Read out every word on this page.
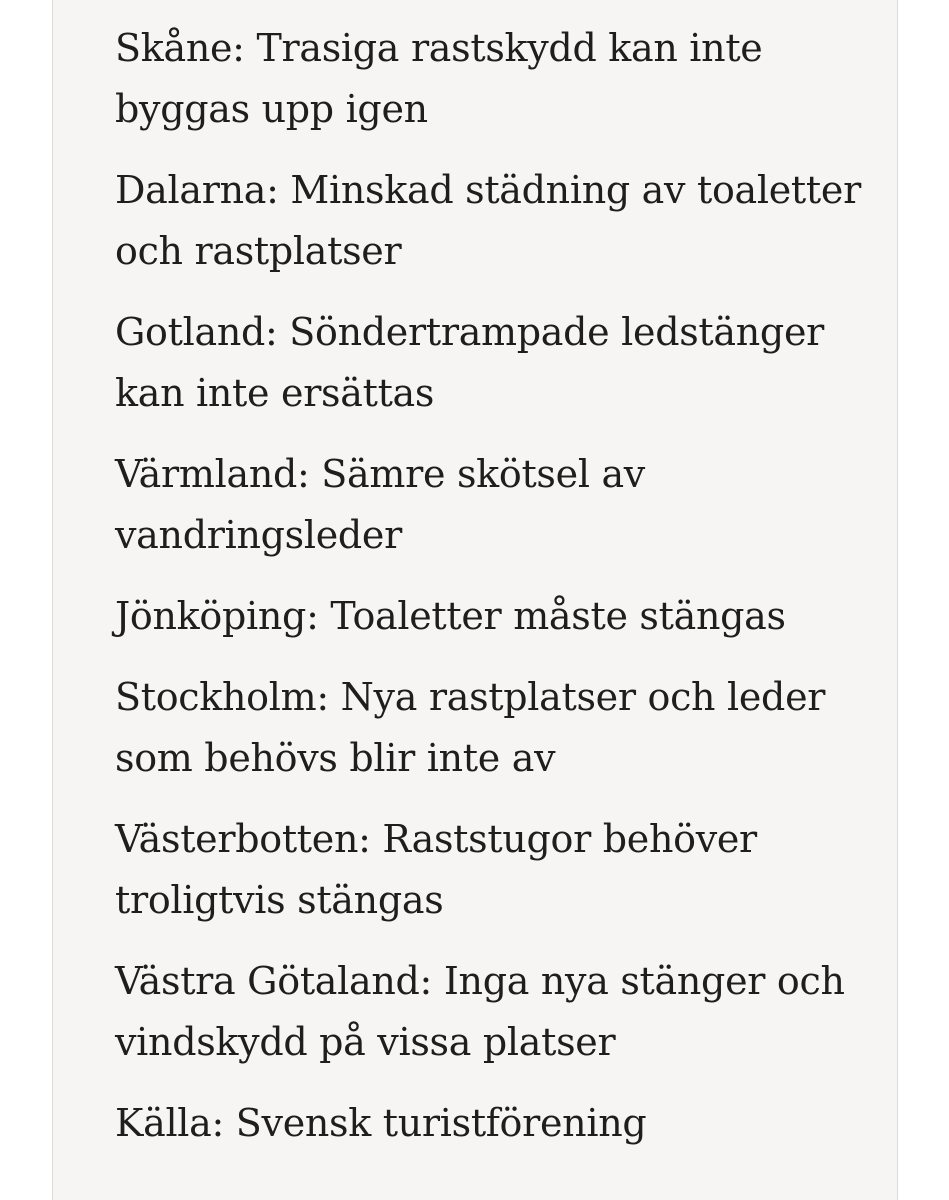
Skåne: Trasiga rastskydd kan inte byggas upp igen
Dalarna: Minskad städning av toaletter och rastplatser
Gotland: Söndertrampade ledstänger kan inte ersättas
Värmland: Sämre skötsel av vandringsleder
Jönköping: Toaletter måste stängas
Stockholm: Nya rastplatser och leder som behövs blir inte av
Västerbotten: Raststugor behöver troligtvis stängas
Västra Götaland: Inga nya stänger och vindskydd på vissa platser
Källa: Svensk turistförening
